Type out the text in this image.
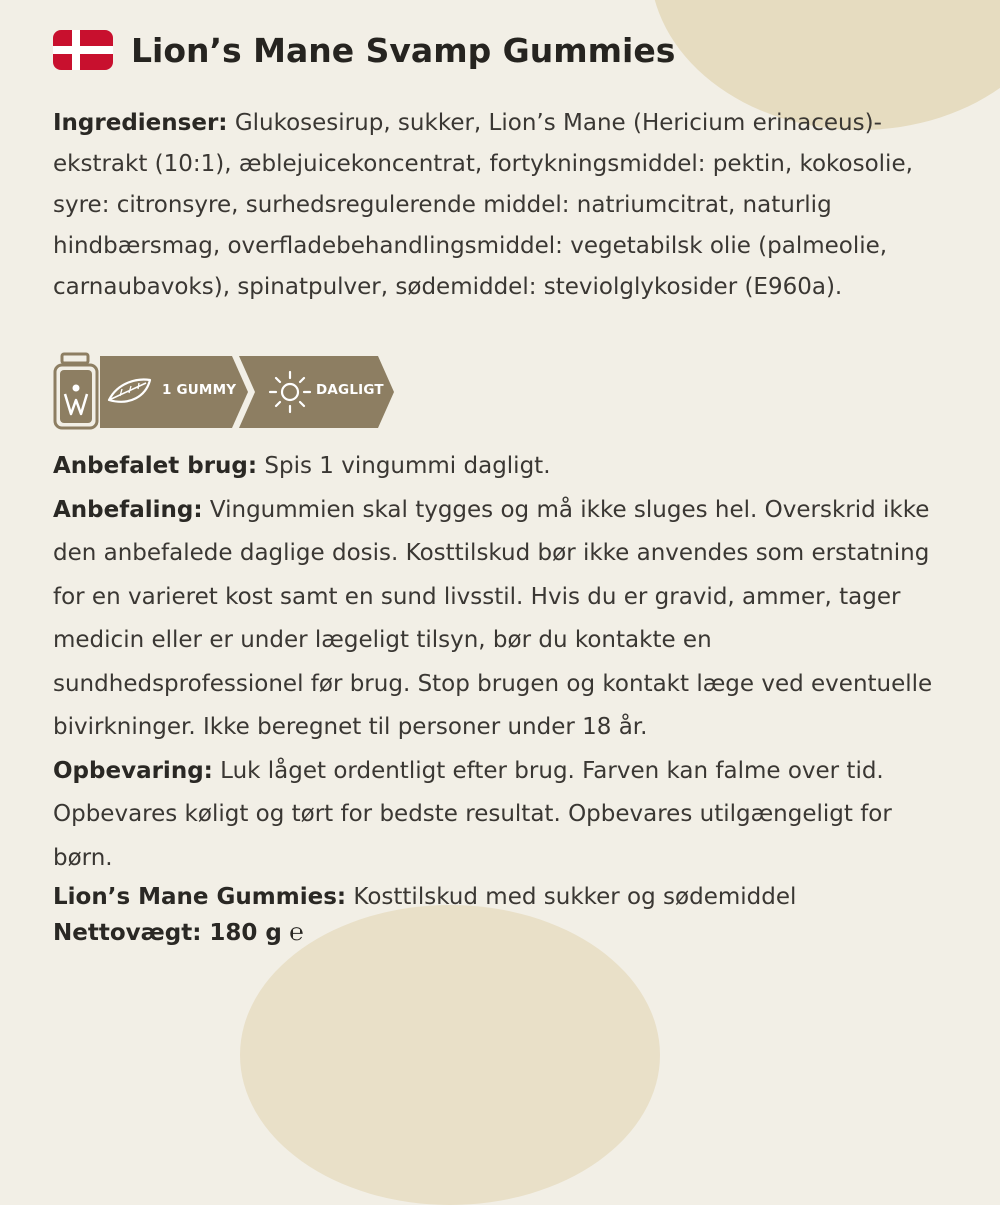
Lion’s Mane Svamp Gummies

Ingredienser: Glukosesirup, sukker, Lion’s Mane (Hericium erinaceus)-ekstrakt (10:1), æblejuicekoncentrat, fortykningsmiddel: pektin, kokosolie, syre: citronsyre, surhedsregulerende middel: natriumcitrat, naturlig hindbærsmag, overfladebehandlingsmiddel: vegetabilsk olie (palmeolie, carnaubavoks), spinatpulver, sødemiddel: steviolglykosider (E960a).

1 GUMMY	DAGLIGT

Anbefalet brug: Spis 1 vingummi dagligt.

Anbefaling: Vingummien skal tygges og må ikke sluges hel. Overskrid ikke den anbefalede daglige dosis. Kosttilskud bør ikke anvendes som erstatning for en varieret kost samt en sund livsstil. Hvis du er gravid, ammer, tager medicin eller er under lægeligt tilsyn, bør du kontakte en sundhedsprofessionel før brug. Stop brugen og kontakt læge ved eventuelle bivirkninger. Ikke beregnet til personer under 18 år.

Opbevaring: Luk låget ordentligt efter brug. Farven kan falme over tid. Opbevares køligt og tørt for bedste resultat. Opbevares utilgængeligt for børn.

Lion’s Mane Gummies: Kosttilskud med sukker og sødemiddel

Nettovægt: 180 g ℮
